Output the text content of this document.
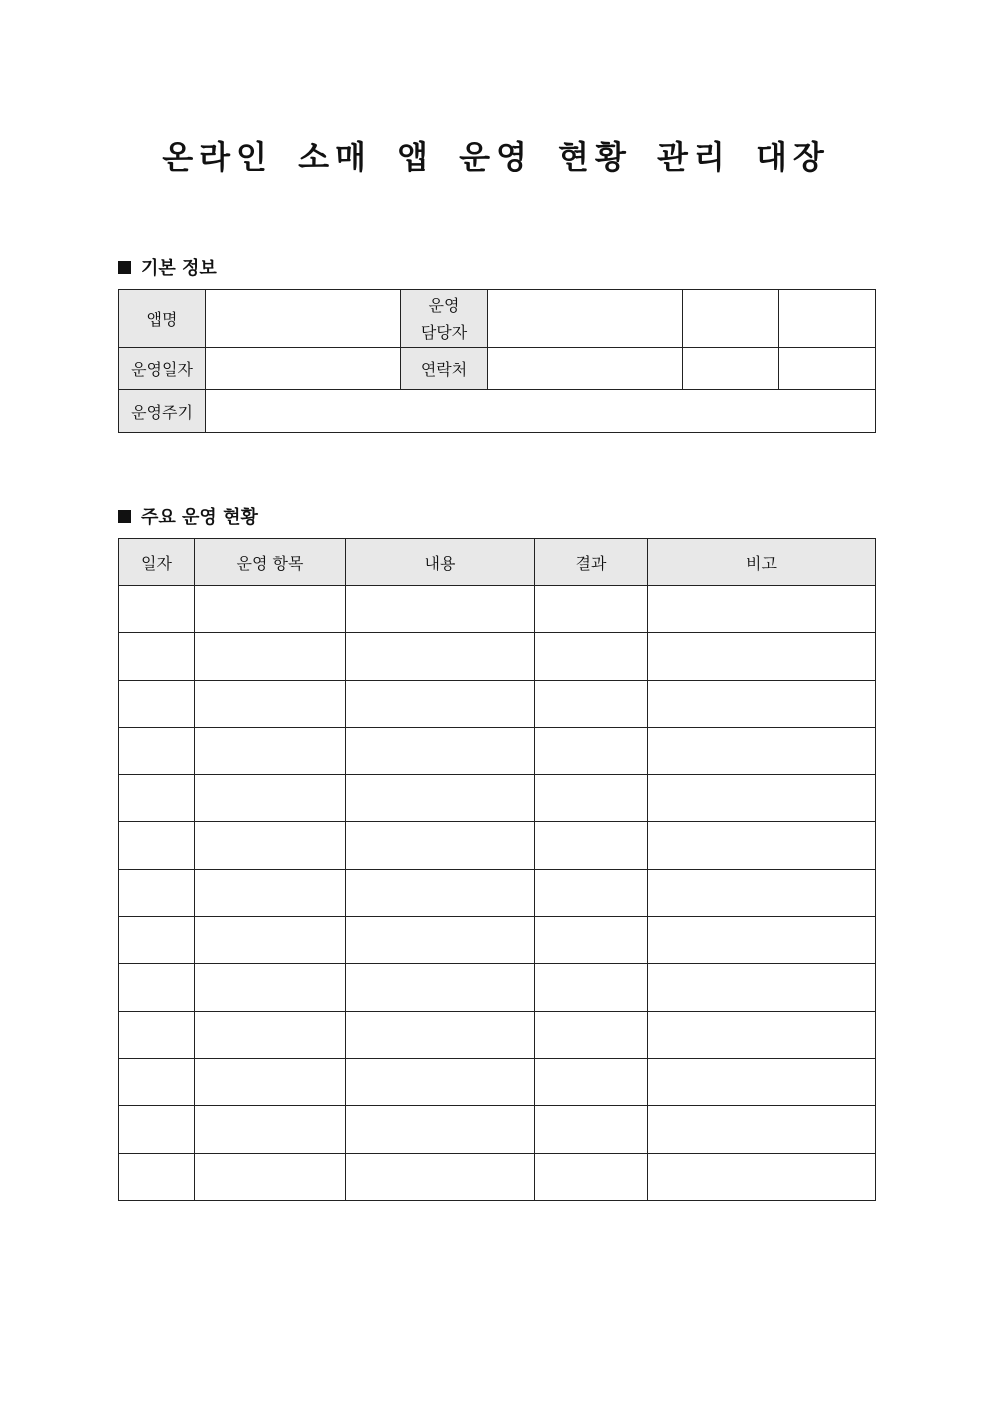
온라인 소매 앱 운영 현황 관리 대장
기본 정보
앱명		운영
담당자			

운영일자		연락처			
운영주기					
주요 운영 현황
일자	운영 항목	내용	결과	비고
